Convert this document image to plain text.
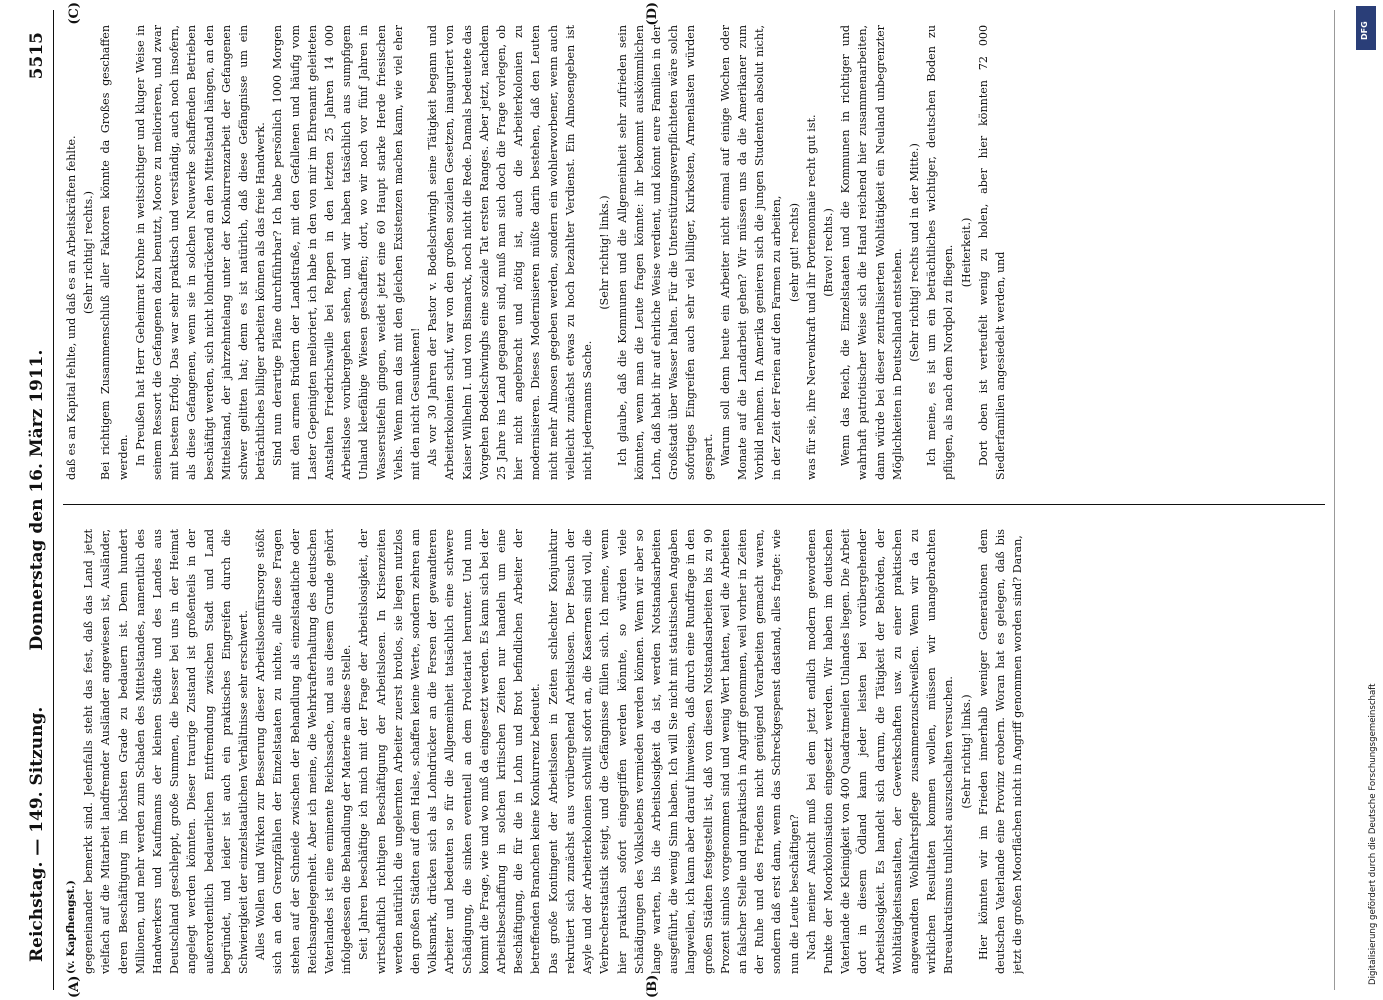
Reichstag. — 149. Sitzung.
Donnerstag den 16. März 1911.
5515
(A)	(B)
(C)	(D)

(v. Kapfhengst.) gegeneinander bemerkt sind. Jedenfalls steht das fest, daß das Land jetzt vielfach auf die Mitarbeit landfremder Ausländer angewiesen ist, Ausländer, deren Beschäftigung im höchsten Grade zu bedauern ist. Denn hundert Millionen, und mehr werden zum Schaden des Mittelstandes, namentlich des Handwerkers und Kaufmanns der kleinen Städte und des Landes aus Deutschland geschleppt, große Summen, die besser bei uns in der Heimat angelegt werden könnten. Dieser traurige Zustand ist großenteils in der außerordentlich bedauerlichen Entfremdung zwischen Stadt und Land begründet, und leider ist auch ein praktisches Eingreifen durch die Schwierigkeit der einzelstaatlichen Verhältnisse sehr erschwert. Alles Wollen und Wirken zur Besserung dieser Arbeitslosenfürsorge stößt sich an den Grenzpfählen der Einzelstaaten zu nichte, alle diese Fragen stehen auf der Schneide zwischen der Behandlung als einzelstaatliche oder Reichsangelegenheit. Aber ich meine, die Wehrkrafterhaltung des deutschen Vaterlandes ist eine eminente Reichssache, und aus diesem Grunde gehört infolgedessen die Behandlung der Materie an diese Stelle. Seit Jahren beschäftige ich mich mit der Frage der Arbeitslosigkeit, der wirtschaftlich richtigen Beschäftigung der Arbeitslosen. In Krisenzeiten werden natürlich die ungelernten Arbeiter zuerst brotlos, sie liegen nutzlos den großen Städten auf dem Halse, schaffen keine Werte, sondern zehren am Volksmark, drücken sich als Lohndrücker an die Fersen der gewandteren Arbeiter und bedeuten so für die Allgemeinheit tatsächlich eine schwere Schädigung, die sinken eventuell an dem Proletariat herunter. Und nun kommt die Frage, wie und wo muß da eingesetzt werden. Es kann sich bei der Arbeitsbeschaffung in solchen kritischen Zeiten nur handeln um eine Beschäftigung, die für die in Lohn und Brot befindlichen Arbeiter der betreffenden Branchen keine Konkurrenz bedeutet. Das große Kontingent der Arbeitslosen in Zeiten schlechter Konjunktur rekrutiert sich zunächst aus vorübergehend Arbeitslosen. Der Besuch der Asyle und der Arbeiterkolonien schwillt sofort an, die Kasernen sind voll, die Verbrecherstatistik steigt, und die Gefängnisse füllen sich. Ich meine, wenn hier praktisch sofort eingegriffen werden könnte, so würden viele Schädigungen des Volkslebens vermieden werden können. Wenn wir aber so lange warten, bis die Arbeitslosigkeit da ist, werden Notstandsarbeiten ausgeführt, die wenig Sinn haben. Ich will Sie nicht mit statistischen Angaben langweilen, ich kann aber darauf hinweisen, daß durch eine Rundfrage in den großen Städten festgestellt ist, daß von diesen Notstandsarbeiten bis zu 90 Prozent sinnlos vorgenommen sind und wenig Wert hatten, weil die Arbeiten an falscher Stelle und unpraktisch in Angriff genommen, weil vorher in Zeiten der Ruhe und des Friedens nicht genügend Vorarbeiten gemacht waren, sondern daß erst dann, wenn das Schreckgespenst dastand, alles fragte: wie nun die Leute beschäftigen? Nach meiner Ansicht muß bei dem jetzt endlich modern gewordenen Punkte der Moorkolonisation eingesetzt werden. Wir haben im deutschen Vaterlande die Kleinigkeit von 400 Quadratmeilen Unlandes liegen. Die Arbeit dort in diesem Ödland kann jeder leisten bei vorübergehender Arbeitslosigkeit. Es handelt sich darum, die Tätigkeit der Behörden, der Wohltätigkeitsanstalten, der Gewerkschaften usw. zu einer praktischen angewandten Wohlfahrtspflege zusammenzuschweißen. Wenn wir da zu wirklichen Resultaten kommen wollen, müssen wir unangebrachten Bureaukratismus tunlichst auszuschalten versuchen. (Sehr richtig! links.) Hier könnten wir im Frieden innerhalb weniger Generationen dem deutschen Vaterlande eine Provinz erobern. Woran hat es gelegen, daß bis jetzt die großen Moorflächen nicht in Angriff genommen worden sind? Daran,

daß es an Kapital fehlte, und daß es an Arbeitskräften fehlte. (Sehr richtig! rechts.) Bei richtigem Zusammenschluß aller Faktoren könnte da Großes geschaffen werden. In Preußen hat Herr Geheimrat Krohne in weitsichtiger und kluger Weise in seinem Ressort die Gefangenen dazu benutzt, Moore zu meliorieren, und zwar mit bestem Erfolg. Das war sehr praktisch und verständig, auch noch insofern, als diese Gefangenen, wenn sie in solchen Neuwerke schaffenden Betrieben beschäftigt werden, sich nicht lohndrückend an den Mittelstand hängen, an den Mittelstand, der jahrzehntelang unter der Konkurrenzarbeit der Gefangenen schwer gelitten hat; denn es ist natürlich, daß diese Gefängnisse um ein beträchtliches billiger arbeiten können als das freie Handwerk. Sind nun derartige Pläne durchführbar? Ich habe persönlich 1000 Morgen mit den armen Brüdern der Landstraße, mit den Gefallenen und häufig vom Laster Gepeinigten melioriert, ich habe in den von mir im Ehrenamt geleiteten Anstalten Friedrichswille bei Reppen in den letzten 25 Jahren 14 000 Arbeitslose vorübergehen sehen, und wir haben tatsächlich aus sumpfigem Unland kleefähige Wiesen geschaffen; dort, wo wir noch vor fünf Jahren in Wasserstiefeln gingen, weidet jetzt eine 60 Haupt starke Herde friesischen Viehs. Wenn man das mit den gleichen Existenzen machen kann, wie viel eher mit den nicht Gesunkenen! Als vor 30 Jahren der Pastor v. Bodelschwingh seine Tätigkeit begann und Arbeiterkolonien schuf, war von den großen sozialen Gesetzen, inauguriert von Kaiser Wilhelm I. und von Bismarck, noch nicht die Rede. Damals bedeutete das Vorgehen Bodelschwinghs eine soziale Tat ersten Ranges. Aber jetzt, nachdem 25 Jahre ins Land gegangen sind, muß man sich doch die Frage vorlegen, ob hier nicht angebracht und nötig ist, auch die Arbeiterkolonien zu modernisieren. Dieses Modernisieren müßte darin bestehen, daß den Leuten nicht mehr Almosen gegeben werden, sondern ein wohlerworbener, wenn auch vielleicht zunächst etwas zu hoch bezahlter Verdienst. Ein Almosengeben ist nicht jedermanns Sache.

(Sehr richtig! links.) Ich glaube, daß die Kommunen und die Allgemeinheit sehr zufrieden sein könnten, wenn man die Leute fragen könnte: ihr bekommt auskömmlichen Lohn, daß habt ihr auf ehrliche Weise verdient, und könnt eure Familien in der Großstadt über Wasser halten. Für die Unterstützungsverpflichteten wäre solch sofortiges Eingreifen auch sehr viel billiger, Kurkosten, Armenlasten würden gespart. Warum soll denn heute ein Arbeiter nicht einmal auf einige Wochen oder Monate auf die Landarbeit gehen? Wir müssen uns da die Amerikaner zum Vorbild nehmen. In Amerika genieren sich die jungen Studenten absolut nicht, in der Zeit der Ferien auf den Farmen zu arbeiten, (sehr gut! rechts) was für sie, ihre Nervenkraft und ihr Portemonnaie recht gut ist. (Bravo! rechts.) Wenn das Reich, die Einzelstaaten und die Kommunen in richtiger und wahrhaft patriotischer Weise sich die Hand reichend hier zusammenarbeiten, dann würde bei dieser zentralisierten Wohltätigkeit ein Neuland unbegrenzter Möglichkeiten in Deutschland entstehen. (Sehr richtig! rechts und in der Mitte.) Ich meine, es ist um ein beträchtliches wichtiger, deutschen Boden zu pflügen, als nach dem Nordpol zu fliegen. (Heiterkeit.) Dort oben ist verteufelt wenig zu holen, aber hier könnten 72 000 Siedlerfamilien angesiedelt werden, und

DFG
Digitalisierung gefördert durch die Deutsche Forschungsgemeinschaft
